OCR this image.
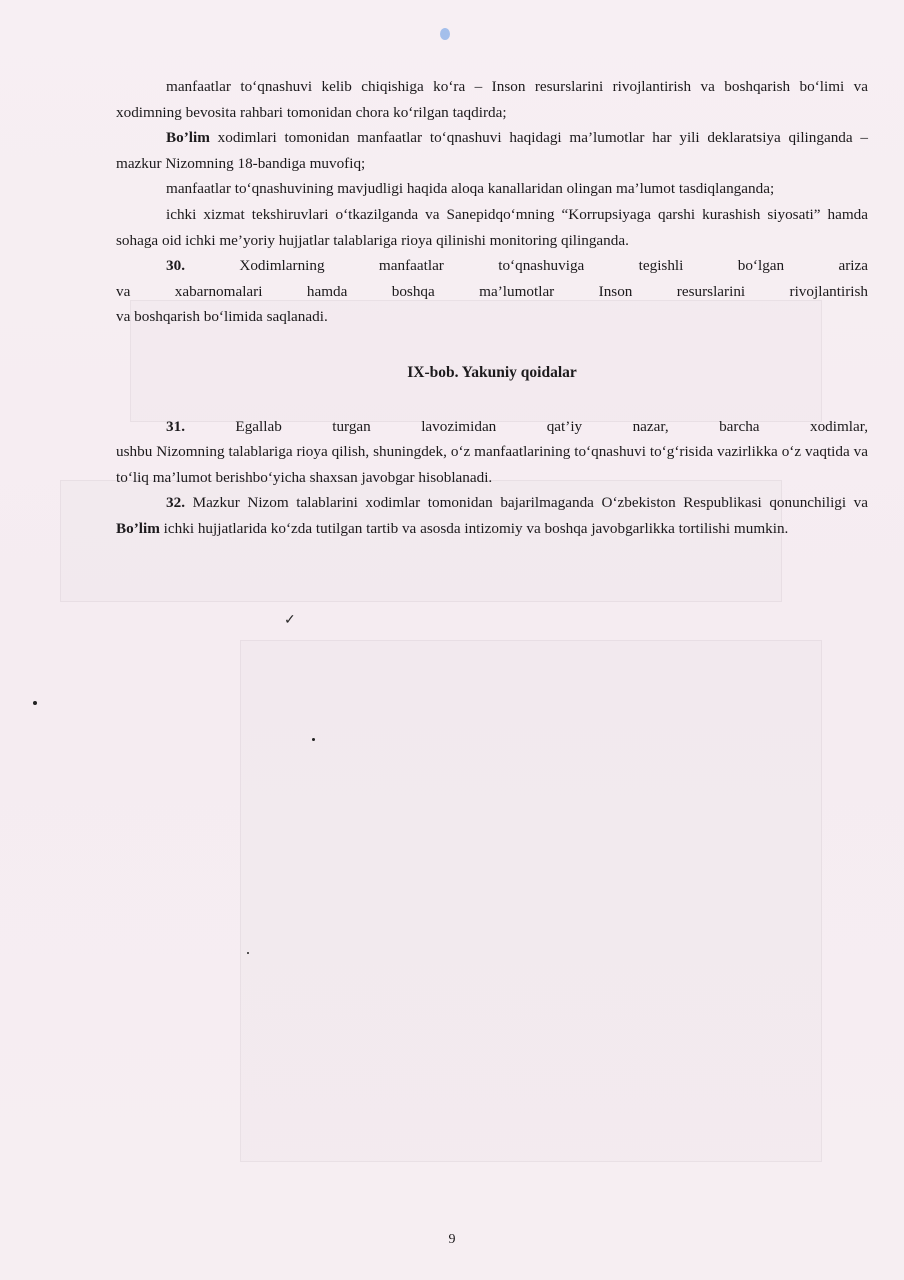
manfaatlar to‘qnashuvi kelib chiqishiga ko‘ra – Inson resurslarini rivojlantirish va boshqarish bo‘limi va xodimning bevosita rahbari tomonidan chora ko‘rilgan taqdirda;

Bo’lim xodimlari tomonidan manfaatlar to‘qnashuvi haqidagi ma’lumotlar har yili deklaratsiya qilinganda – mazkur Nizomning 18-bandiga muvofiq;

manfaatlar to‘qnashuvining mavjudligi haqida aloqa kanallaridan olingan ma’lumot tasdiqlanganda;

ichki xizmat tekshiruvlari o‘tkazilganda va Sanepidqo‘mning “Korrupsiyaga qarshi kurashish siyosati” hamda sohaga oid ichki me’yoriy hujjatlar talablariga rioya qilinishi monitoring qilinganda.

30.	Xodimlarning manfaatlar to‘qnashuviga tegishli bo‘lgan ariza

va xabarnomalari hamda boshqa ma’lumotlar Inson resurslarini rivojlantirish

va boshqarish bo‘limida saqlanadi.

IX-bob. Yakuniy qoidalar

31.	Egallab turgan lavozimidan qat’iy nazar, barcha xodimlar,

ushbu Nizomning talablariga rioya qilish, shuningdek, o‘z manfaatlarining to‘qnashuvi to‘g‘risida vazirlikka o‘z vaqtida va to‘liq ma’lumot berishbo‘yicha shaxsan javobgar hisoblanadi.

32. Mazkur Nizom talablarini xodimlar tomonidan bajarilmaganda O‘zbekiston Respublikasi qonunchiligi va Bo’lim ichki hujjatlarida ko‘zda tutilgan tartib va asosda intizomiy va boshqa javobgarlikka tortilishi mumkin.

✓
9
